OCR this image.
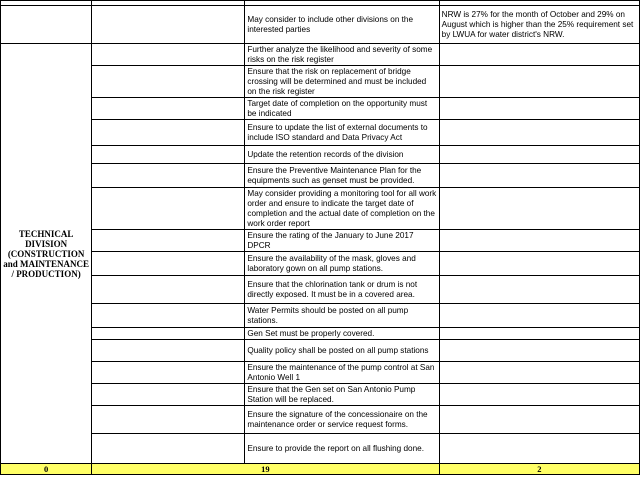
		May consider to include other divisions on the interested parties	NRW is 27% for the month of October and 29% on August which is higher than the 25% requirement set by LWUA for water district's NRW.

TECHNICAL DIVISION (CONSTRUCTION and MAINTENANCE / PRODUCTION)		Further analyze the likelihood and severity of some risks on the risk register	
		Ensure that the risk on replacement of bridge crossing will be determined and must be included on the risk register	
		Target date of completion on the opportunity must be indicated	
		Ensure to update the list of external documents to include ISO standard and Data Privacy Act	
		Update the retention records of the division	
		Ensure the Preventive Maintenance Plan for the equipments such as genset must be provided.	
		May consider providing a monitoring tool for all work order and ensure to indicate the target date of completion and the actual date of completion on the work order report	
		Ensure the rating of the January to June 2017 DPCR	
		Ensure the availability of the mask, gloves and laboratory gown on all pump stations.	
		Ensure that the chlorination tank or drum is not directly exposed. It must be in a covered area.	
		Water Permits should be posted on all pump stations.	
		Gen Set must be properly covered.	
		Quality policy shall be posted on all pump stations	
		Ensure the maintenance of the pump control at San Antonio Well 1	
		Ensure that the Gen set on San Antonio Pump Station will be replaced.	
		Ensure the signature of the concessionaire on the maintenance order or service request forms.	
		Ensure to provide the report on all flushing done.	
0	19		2
